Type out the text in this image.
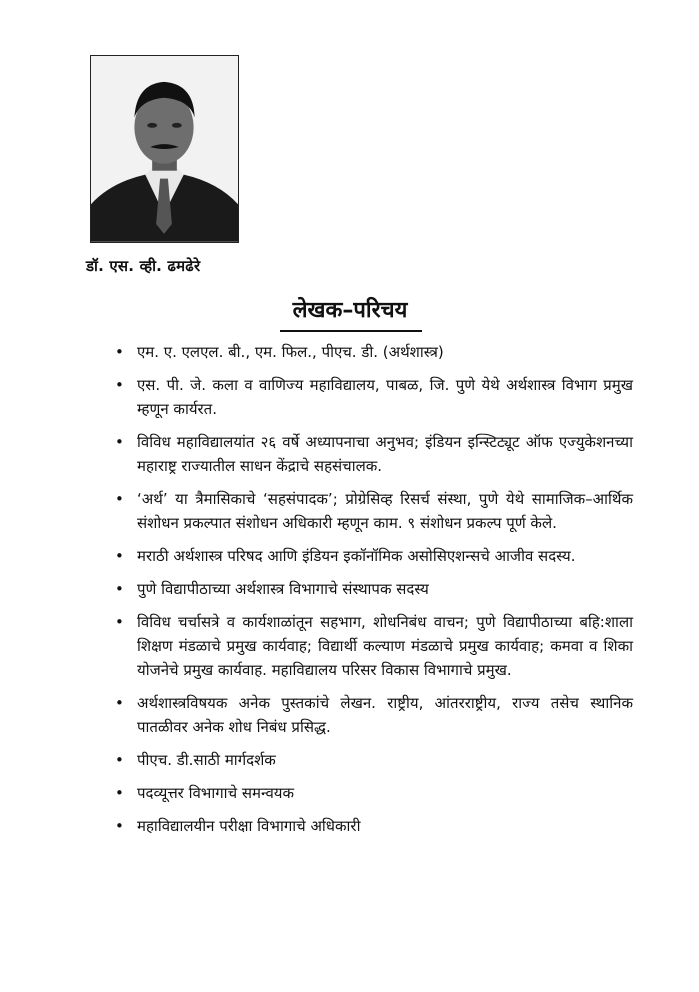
डॉ. एस. व्ही. ढमढेरे
लेखक–परिचय
• एम. ए. एलएल. बी., एम. फिल., पीएच. डी. (अर्थशास्त्र)
• एस. पी. जे. कला व वाणिज्य महाविद्यालय, पाबळ, जि. पुणे येथे अर्थशास्त्र विभाग प्रमुख म्हणून कार्यरत.
• विविध महाविद्यालयांत २६ वर्षे अध्यापनाचा अनुभव; इंडियन इन्स्टिट्यूट ऑफ एज्युकेशनच्या महाराष्ट्र राज्यातील साधन केंद्राचे सहसंचालक.
• ‘अर्थ’ या त्रैमासिकाचे ‘सहसंपादक’; प्रोग्रेसिव्ह रिसर्च संस्था, पुणे येथे सामाजिक–आर्थिक संशोधन प्रकल्पात संशोधन अधिकारी म्हणून काम. ९ संशोधन प्रकल्प पूर्ण केले.
• मराठी अर्थशास्त्र परिषद आणि इंडियन इकॉनॉमिक असोसिएशन्सचे आजीव सदस्य.
• पुणे विद्यापीठाच्या अर्थशास्त्र विभागाचे संस्थापक सदस्य
• विविध चर्चासत्रे व कार्यशाळांतून सहभाग, शोधनिबंध वाचन; पुणे विद्यापीठाच्या बहि:शाला शिक्षण मंडळाचे प्रमुख कार्यवाह; विद्यार्थी कल्याण मंडळाचे प्रमुख कार्यवाह; कमवा व शिका योजनेचे प्रमुख कार्यवाह. महाविद्यालय परिसर विकास विभागाचे प्रमुख.
• अर्थशास्त्रविषयक अनेक पुस्तकांचे लेखन. राष्ट्रीय, आंतरराष्ट्रीय, राज्य तसेच स्थानिक पातळीवर अनेक शोध निबंध प्रसिद्ध.
• पीएच. डी.साठी मार्गदर्शक
• पदव्यूत्तर विभागाचे समन्वयक
• महाविद्यालयीन परीक्षा विभागाचे अधिकारी
